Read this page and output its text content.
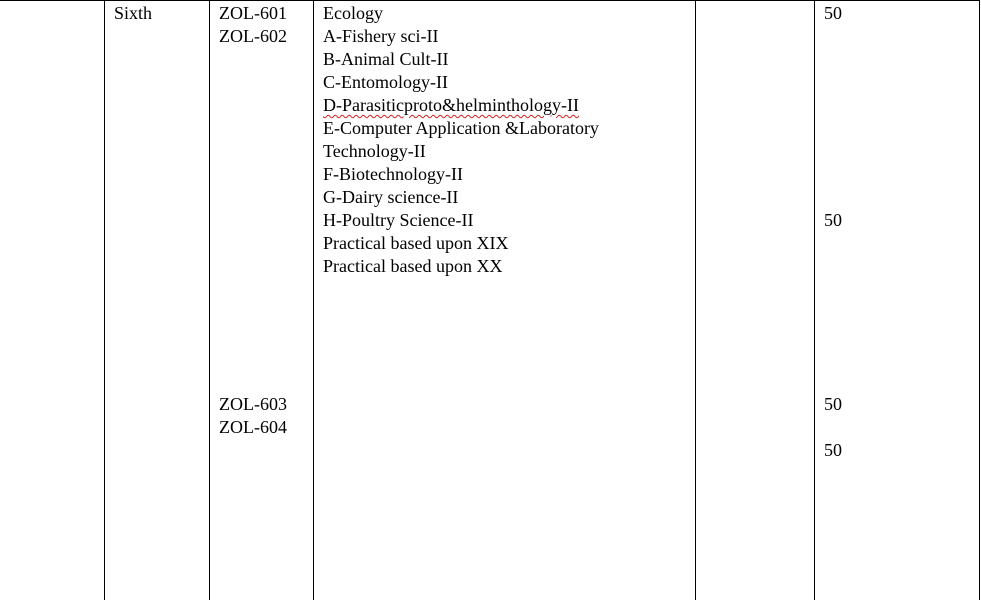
Sixth	ZOL-601
ZOL-602
ZOL-603
ZOL-604
Ecology
A-Fishery sci-II
B-Animal Cult-II
C-Entomology-II
D-Parasiticproto&helminthology-II
E-Computer Application &Laboratory
Technology-II
F-Biotechnology-II
G-Dairy science-II
H-Poultry Science-II
Practical based upon XIX
Practical based upon XX
50
50
50
50
